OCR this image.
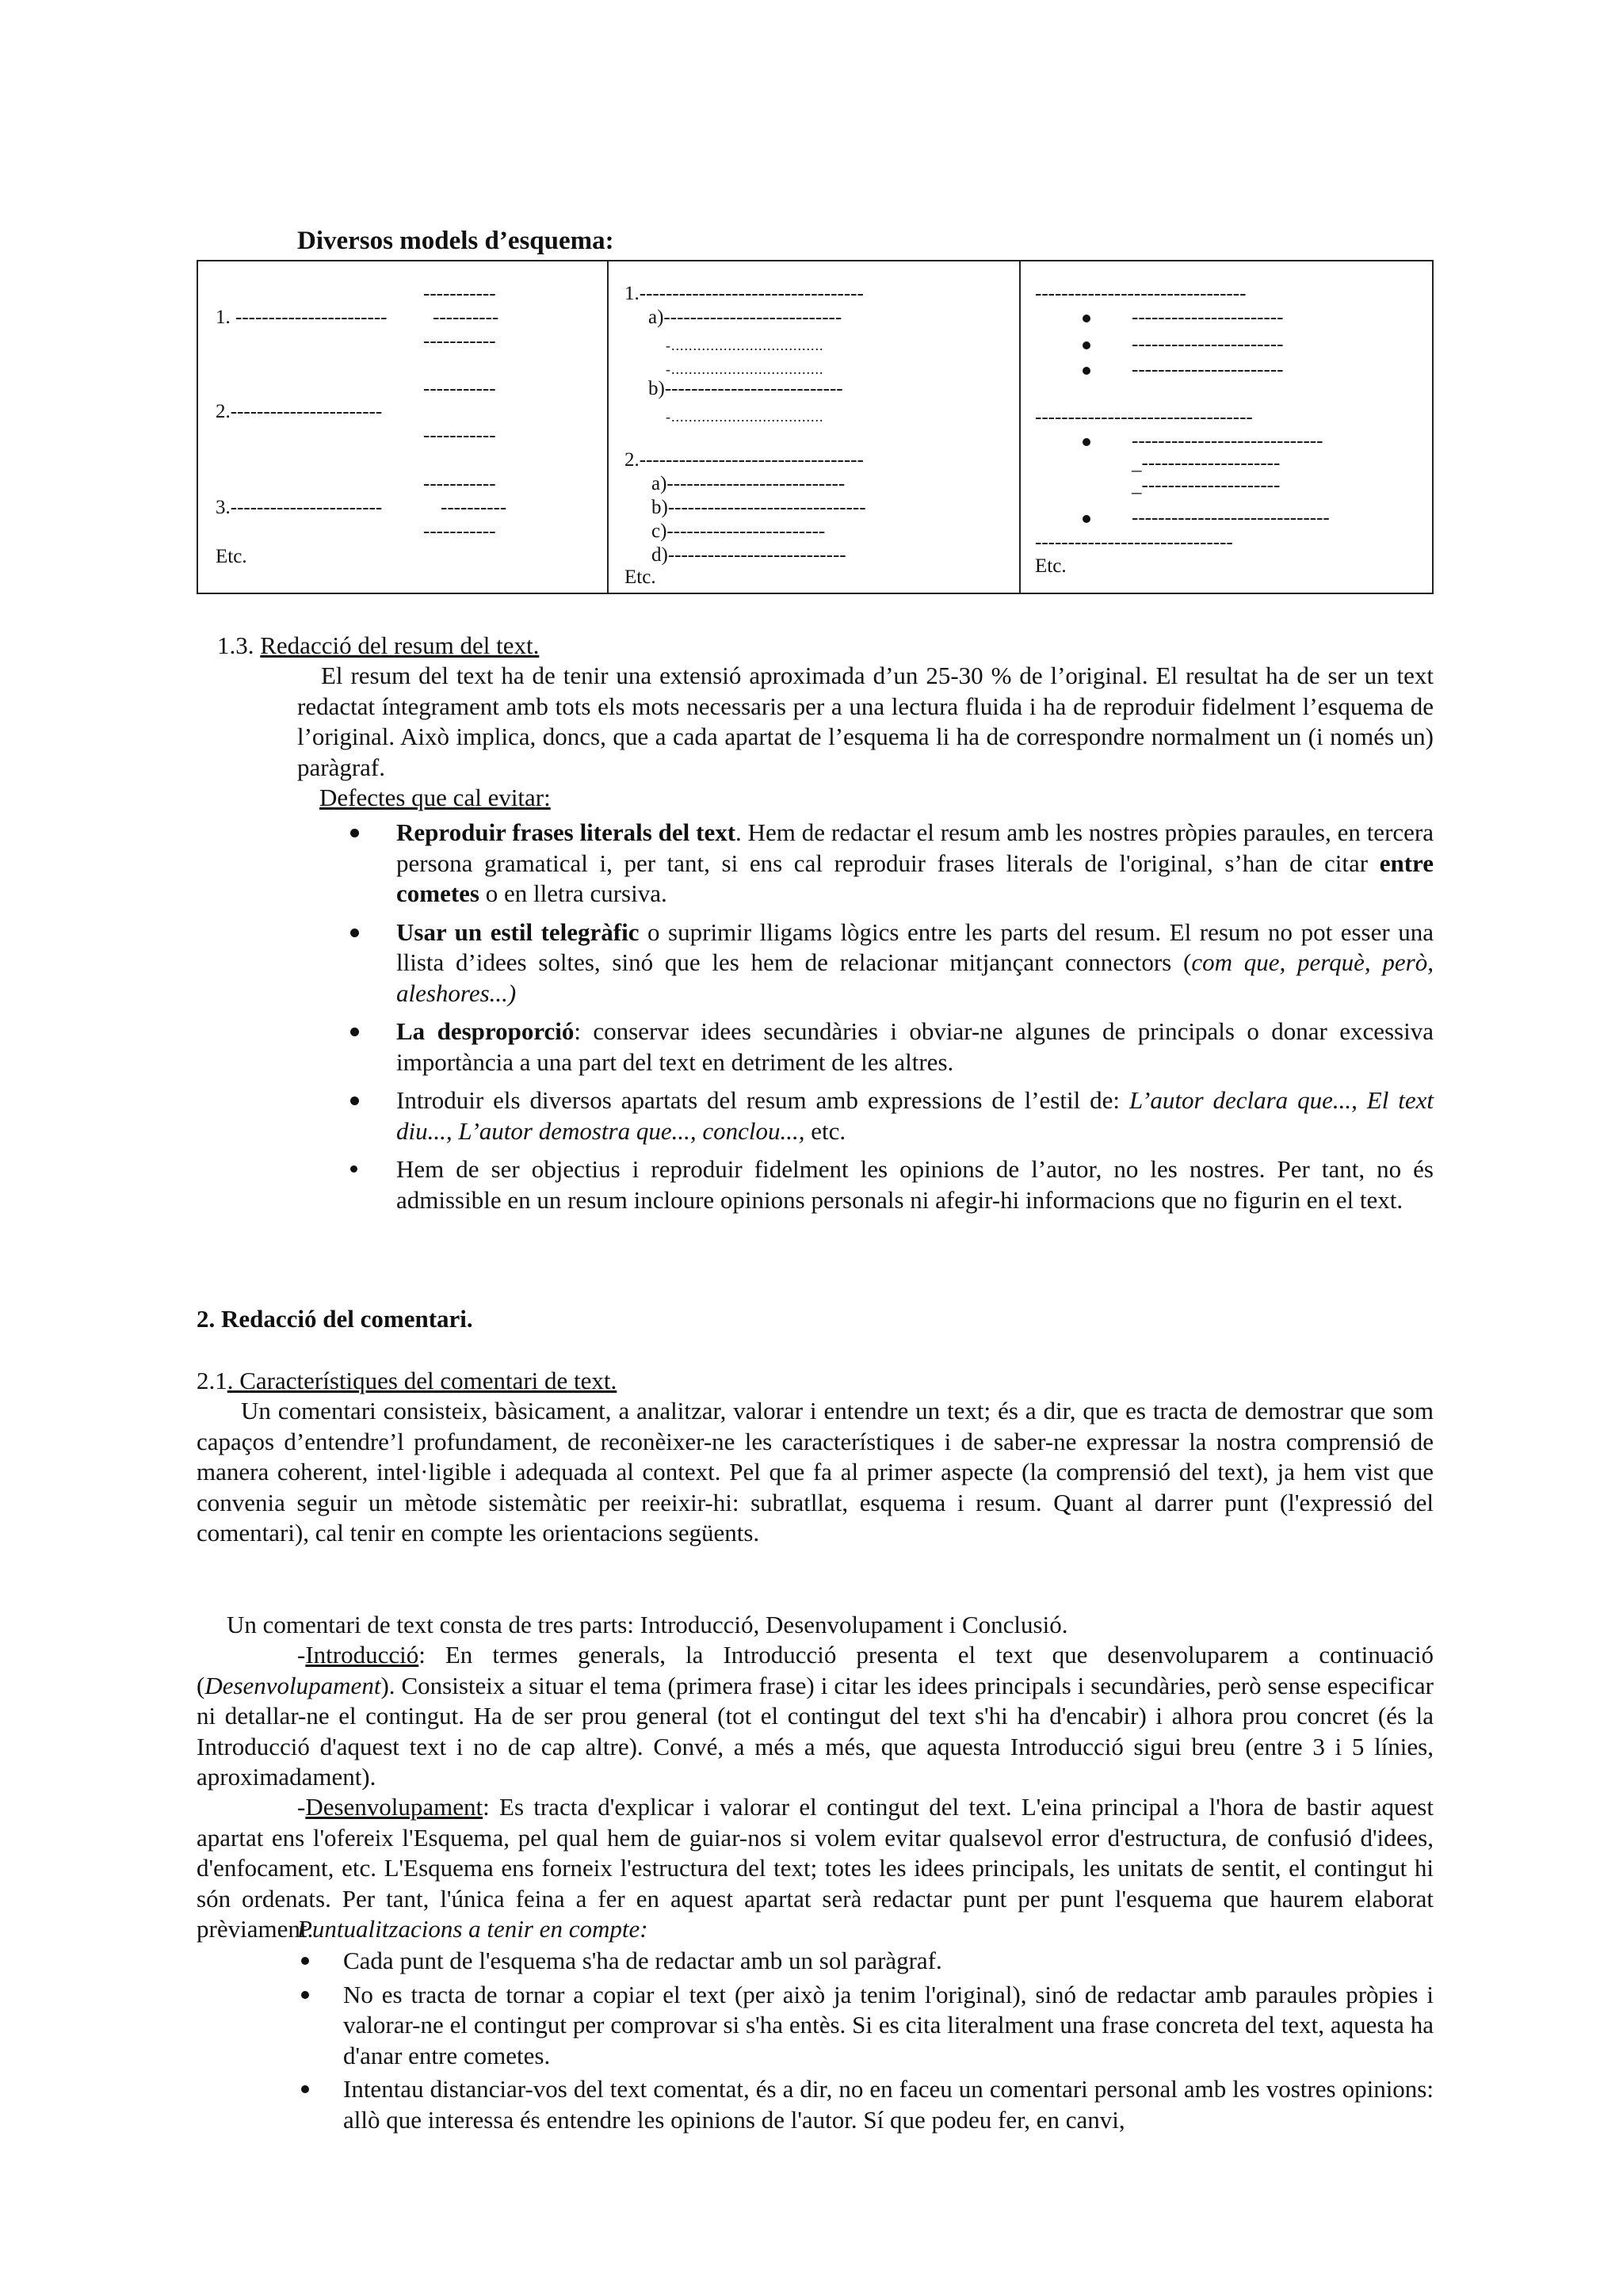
Diversos models d’esquema:
-----------
1. ----------------------- ----------
-----------
-----------
2.-----------------------
-----------
-----------
3.-----------------------	----------
-----------
Etc.
1.----------------------------------
a)---------------------------
-...................................
-...................................
b)---------------------------
-...................................
2.----------------------------------
a)---------------------------
b)------------------------------
c)------------------------
d)---------------------------
Etc.
--------------------------------
-----------------------
-----------------------
-----------------------
---------------------------------
-----------------------------
_---------------------
_---------------------
------------------------------
------------------------------
Etc.
1.3. Redacció del resum del text.
El resum del text ha de tenir una extensió aproximada d’un 25-30 % de l’original. El resultat ha de ser un text redactat íntegrament amb tots els mots necessaris per a una lectura fluida i ha de reproduir fidelment l’esquema de l’original. Això implica, doncs, que a cada apartat de l’esquema li ha de correspondre normalment un (i només un) paràgraf.
Defectes que cal evitar:
Reproduir frases literals del text. Hem de redactar el resum amb les nostres pròpies paraules, en tercera persona gramatical i, per tant, si ens cal reproduir frases literals de l'original, s’han de citar entre cometes o en lletra cursiva.
Usar un estil telegràfic o suprimir lligams lògics entre les parts del resum. El resum no pot esser una llista d’idees soltes, sinó que les hem de relacionar mitjançant connectors (com que, perquè, però, aleshores...)
La desproporció: conservar idees secundàries i obviar-ne algunes de principals o donar excessiva importància a una part del text en detriment de les altres.
Introduir els diversos apartats del resum amb expressions de l’estil de: L’autor declara que..., El text diu..., L’autor demostra que..., conclou..., etc.
Hem de ser objectius i reproduir fidelment les opinions de l’autor, no les nostres. Per tant, no és admissible en un resum incloure opinions personals ni afegir-hi informacions que no figurin en el text.
2. Redacció del comentari.
2.1. Característiques del comentari de text.
Un comentari consisteix, bàsicament, a analitzar, valorar i entendre un text; és a dir, que es tracta de demostrar que som capaços d’entendre’l profundament, de reconèixer-ne les característiques i de saber-ne expressar la nostra comprensió de manera coherent, intel·ligible i adequada al context. Pel que fa al primer aspecte (la comprensió del text), ja hem vist que convenia seguir un mètode sistemàtic per reeixir-hi: subratllat, esquema i resum. Quant al darrer punt (l'expressió del comentari), cal tenir en compte les orientacions següents.
Un comentari de text consta de tres parts: Introducció, Desenvolupament i Conclusió.
-Introducció: En termes generals, la Introducció presenta el text que desenvoluparem a continuació (Desenvolupament). Consisteix a situar el tema (primera frase) i citar les idees principals i secundàries, però sense especificar ni detallar-ne el contingut. Ha de ser prou general (tot el contingut del text s'hi ha d'encabir) i alhora prou concret (és la Introducció d'aquest text i no de cap altre). Convé, a més a més, que aquesta Introducció sigui breu (entre 3 i 5 línies, aproximadament).
-Desenvolupament: Es tracta d'explicar i valorar el contingut del text. L'eina principal a l'hora de bastir aquest apartat ens l'ofereix l'Esquema, pel qual hem de guiar-nos si volem evitar qualsevol error d'estructura, de confusió d'idees, d'enfocament, etc. L'Esquema ens forneix l'estructura del text; totes les idees principals, les unitats de sentit, el contingut hi són ordenats. Per tant, l'única feina a fer en aquest apartat serà redactar punt per punt l'esquema que haurem elaborat prèviament.
Puntualitzacions a tenir en compte:
Cada punt de l'esquema s'ha de redactar amb un sol paràgraf.
No es tracta de tornar a copiar el text (per això ja tenim l'original), sinó de redactar amb paraules pròpies i valorar-ne el contingut per comprovar si s'ha entès. Si es cita literalment una frase concreta del text, aquesta ha d'anar entre cometes.
Intentau distanciar-vos del text comentat, és a dir, no en faceu un comentari personal amb les vostres opinions: allò que interessa és entendre les opinions de l'autor. Sí que podeu fer, en canvi,
